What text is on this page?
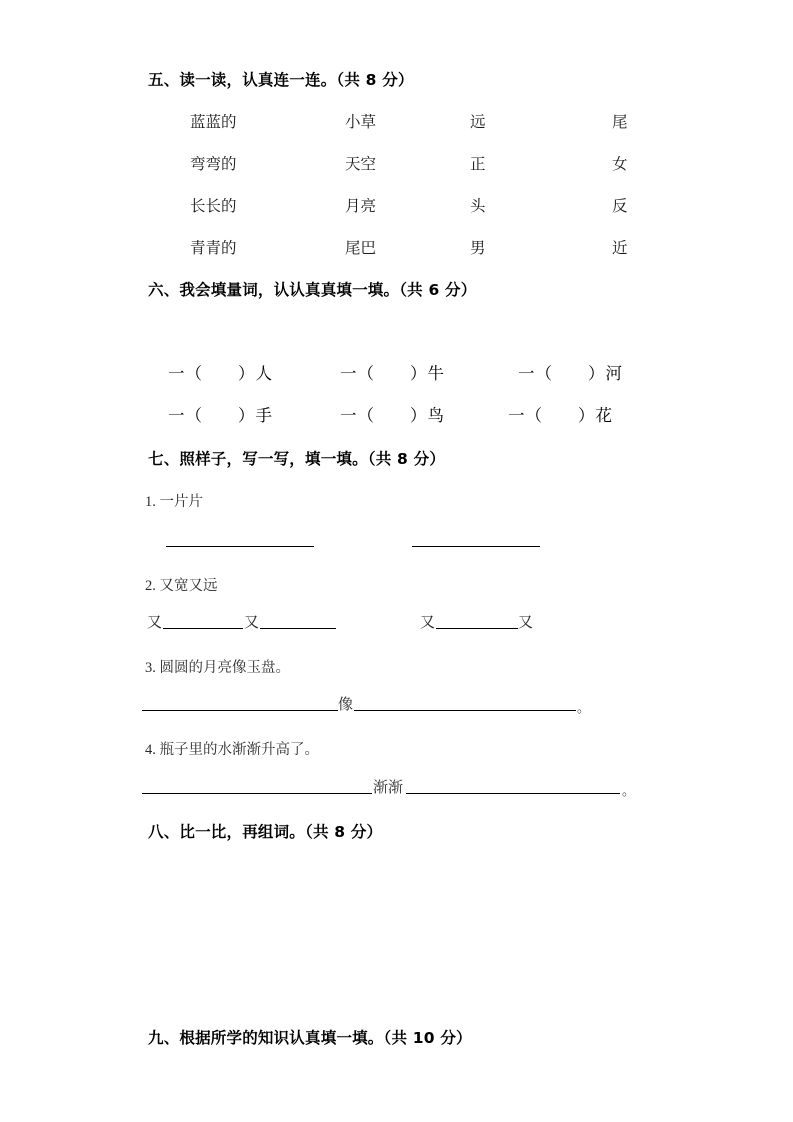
五、读一读，认真连一连。（共 8 分）
蓝蓝的	小草	远	尾
弯弯的	天空	正	女
长长的	月亮	头	反
青青的	尾巴	男	近
六、我会填量词，认认真真填一填。（共 6 分）
一（　　）人	一（　　）牛	一（　　）河
一（　　）手	一（　　）鸟	一（　　）花
七、照样子，写一写，填一填。（共 8 分）
1. 一片片
2. 又宽又远
又	又	又	又
3. 圆圆的月亮像玉盘。
像	。
4. 瓶子里的水渐渐升高了。
渐渐	。
八、比一比，再组词。（共 8 分）
九、根据所学的知识认真填一填。（共 10 分）
